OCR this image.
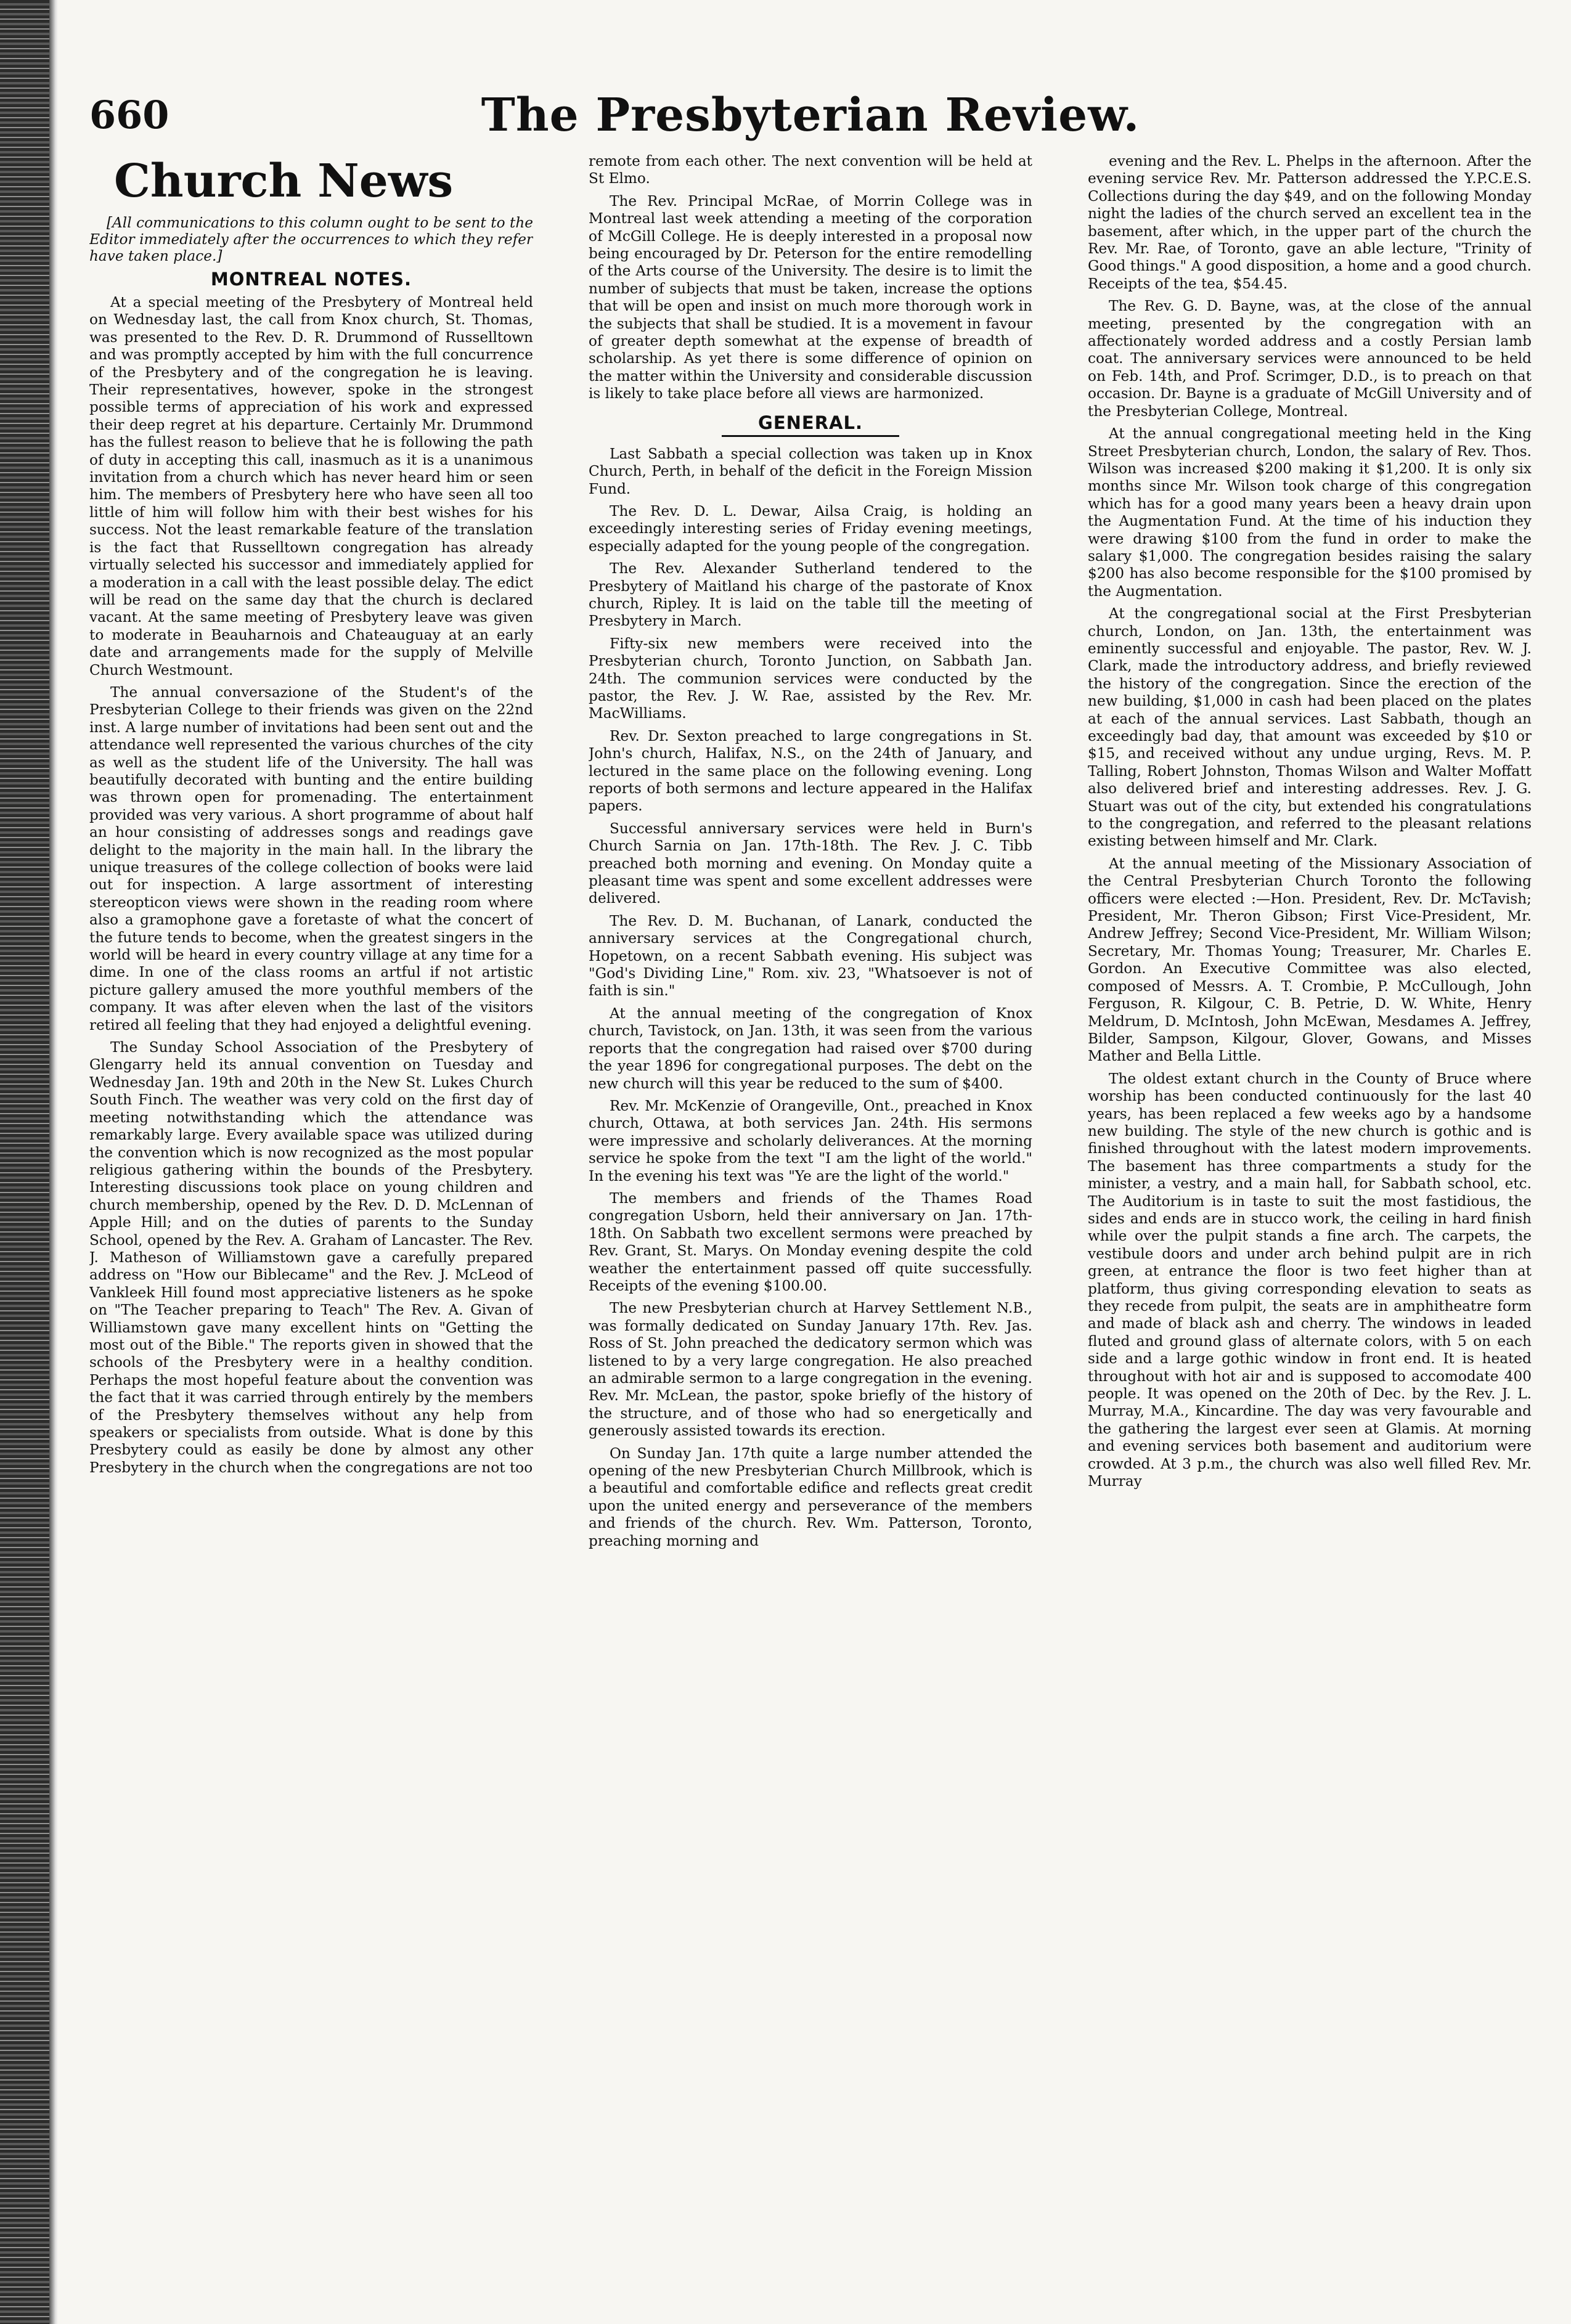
660	The Presbyterian Review.
Church News
[All communications to this column ought to be sent to the Editor immediately after the occurrences to which they refer have taken place.]
MONTREAL NOTES.

At a special meeting of the Presbytery of Montreal held on Wednesday last, the call from Knox church, St. Thomas, was presented to the Rev. D. R. Drummond of Russelltown and was promptly accepted by him with the full concurrence of the Presbytery and of the congregation he is leaving. Their representatives, however, spoke in the strongest possible terms of appreciation of his work and expressed their deep regret at his departure. Certainly Mr. Drummond has the fullest reason to believe that he is following the path of duty in accepting this call, inasmuch as it is a unanimous invitation from a church which has never heard him or seen him. The members of Presbytery here who have seen all too little of him will follow him with their best wishes for his success. Not the least remarkable feature of the translation is the fact that Russelltown congregation has already virtually selected his successor and immediately applied for a moderation in a call with the least possible delay. The edict will be read on the same day that the church is declared vacant. At the same meeting of Presbytery leave was given to moderate in Beauharnois and Chateauguay at an early date and arrangements made for the supply of Melville Church Westmount.

The annual conversazione of the Student's of the Presbyterian College to their friends was given on the 22nd inst. A large number of invitations had been sent out and the attendance well represented the various churches of the city as well as the student life of the University. The hall was beautifully decorated with bunting and the entire building was thrown open for promenading. The entertainment provided was very various. A short programme of about half an hour consisting of addresses songs and readings gave delight to the majority in the main hall. In the library the unique treasures of the college collection of books were laid out for inspection. A large assortment of interesting stereopticon views were shown in the reading room where also a gramophone gave a foretaste of what the concert of the future tends to become, when the greatest singers in the world will be heard in every country village at any time for a dime. In one of the class rooms an artful if not artistic picture gallery amused the more youthful members of the company. It was after eleven when the last of the visitors retired all feeling that they had enjoyed a delightful evening.

The Sunday School Association of the Presbytery of Glengarry held its annual convention on Tuesday and Wednesday Jan. 19th and 20th in the New St. Lukes Church South Finch. The weather was very cold on the first day of meeting notwithstanding which the attendance was remarkably large. Every available space was utilized during the convention which is now recognized as the most popular religious gathering within the bounds of the Presbytery. Interesting discussions took place on young children and church membership, opened by the Rev. D. D. McLennan of Apple Hill; and on the duties of parents to the Sunday School, opened by the Rev. A. Graham of Lancaster. The Rev. J. Matheson of Williamstown gave a carefully prepared address on "How our Biblecame" and the Rev. J. McLeod of Vankleek Hill found most appreciative listeners as he spoke on "The Teacher preparing to Teach" The Rev. A. Givan of Williamstown gave many excellent hints on "Getting the most out of the Bible." The reports given in showed that the schools of the Presbytery were in a healthy condition. Perhaps the most hopeful feature about the convention was the fact that it was carried through entirely by the members of the Presbytery themselves without any help from speakers or specialists from outside. What is done by this Presbytery could as easily be done by almost any other Presbytery in the church when the congregations are not too

remote from each other. The next convention will be held at St Elmo.

The Rev. Principal McRae, of Morrin College was in Montreal last week attending a meeting of the corporation of McGill College. He is deeply interested in a proposal now being encouraged by Dr. Peterson for the entire remodelling of the Arts course of the University. The desire is to limit the number of subjects that must be taken, increase the options that will be open and insist on much more thorough work in the subjects that shall be studied. It is a movement in favour of greater depth somewhat at the expense of breadth of scholarship. As yet there is some difference of opinion on the matter within the University and considerable discussion is likely to take place before all views are harmonized.

GENERAL.

Last Sabbath a special collection was taken up in Knox Church, Perth, in behalf of the deficit in the Foreign Mission Fund.

The Rev. D. L. Dewar, Ailsa Craig, is holding an exceedingly interesting series of Friday evening meetings, especially adapted for the young people of the congregation.

The Rev. Alexander Sutherland tendered to the Presbytery of Maitland his charge of the pastorate of Knox church, Ripley. It is laid on the table till the meeting of Presbytery in March.

Fifty-six new members were received into the Presbyterian church, Toronto Junction, on Sabbath Jan. 24th. The communion services were conducted by the pastor, the Rev. J. W. Rae, assisted by the Rev. Mr. MacWilliams.

Rev. Dr. Sexton preached to large congregations in St. John's church, Halifax, N.S., on the 24th of January, and lectured in the same place on the following evening. Long reports of both sermons and lecture appeared in the Halifax papers.

Successful anniversary services were held in Burn's Church Sarnia on Jan. 17th-18th. The Rev. J. C. Tibb preached both morning and evening. On Monday quite a pleasant time was spent and some excellent addresses were delivered.

The Rev. D. M. Buchanan, of Lanark, conducted the anniversary services at the Congregational church, Hopetown, on a recent Sabbath evening. His subject was "God's Dividing Line," Rom. xiv. 23, "Whatsoever is not of faith is sin."

At the annual meeting of the congregation of Knox church, Tavistock, on Jan. 13th, it was seen from the various reports that the congregation had raised over $700 during the year 1896 for congregational purposes. The debt on the new church will this year be reduced to the sum of $400.

Rev. Mr. McKenzie of Orangeville, Ont., preached in Knox church, Ottawa, at both services Jan. 24th. His sermons were impressive and scholarly deliverances. At the morning service he spoke from the text "I am the light of the world." In the evening his text was "Ye are the light of the world."

The members and friends of the Thames Road congregation Usborn, held their anniversary on Jan. 17th-18th. On Sabbath two excellent sermons were preached by Rev. Grant, St. Marys. On Monday evening despite the cold weather the entertainment passed off quite successfully. Receipts of the evening $100.00.

The new Presbyterian church at Harvey Settlement N.B., was formally dedicated on Sunday January 17th. Rev. Jas. Ross of St. John preached the dedicatory sermon which was listened to by a very large congregation. He also preached an admirable sermon to a large congregation in the evening. Rev. Mr. McLean, the pastor, spoke briefly of the history of the structure, and of those who had so energetically and generously assisted towards its erection.

On Sunday Jan. 17th quite a large number attended the opening of the new Presbyterian Church Millbrook, which is a beautiful and comfortable edifice and reflects great credit upon the united energy and perseverance of the members and friends of the church. Rev. Wm. Patterson, Toronto, preaching morning and

evening and the Rev. L. Phelps in the afternoon. After the evening service Rev. Mr. Patterson addressed the Y.P.C.E.S. Collections during the day $49, and on the following Monday night the ladies of the church served an excellent tea in the basement, after which, in the upper part of the church the Rev. Mr. Rae, of Toronto, gave an able lecture, "Trinity of Good things." A good disposition, a home and a good church. Receipts of the tea, $54.45.

The Rev. G. D. Bayne, was, at the close of the annual meeting, presented by the congregation with an affectionately worded address and a costly Persian lamb coat. The anniversary services were announced to be held on Feb. 14th, and Prof. Scrimger, D.D., is to preach on that occasion. Dr. Bayne is a graduate of McGill University and of the Presbyterian College, Montreal.

At the annual congregational meeting held in the King Street Presbyterian church, London, the salary of Rev. Thos. Wilson was increased $200 making it $1,200. It is only six months since Mr. Wilson took charge of this congregation which has for a good many years been a heavy drain upon the Augmentation Fund. At the time of his induction they were drawing $100 from the fund in order to make the salary $1,000. The congregation besides raising the salary $200 has also become responsible for the $100 promised by the Augmentation.

At the congregational social at the First Presbyterian church, London, on Jan. 13th, the entertainment was eminently successful and enjoyable. The pastor, Rev. W. J. Clark, made the introductory address, and briefly reviewed the history of the congregation. Since the erection of the new building, $1,000 in cash had been placed on the plates at each of the annual services. Last Sabbath, though an exceedingly bad day, that amount was exceeded by $10 or $15, and received without any undue urging, Revs. M. P. Talling, Robert Johnston, Thomas Wilson and Walter Moffatt also delivered brief and interesting addresses. Rev. J. G. Stuart was out of the city, but extended his congratulations to the congregation, and referred to the pleasant relations existing between himself and Mr. Clark.

At the annual meeting of the Missionary Association of the Central Presbyterian Church Toronto the following officers were elected :—Hon. President, Rev. Dr. McTavish; President, Mr. Theron Gibson; First Vice-President, Mr. Andrew Jeffrey; Second Vice-President, Mr. William Wilson; Secretary, Mr. Thomas Young; Treasurer, Mr. Charles E. Gordon. An Executive Committee was also elected, composed of Messrs. A. T. Crombie, P. McCullough, John Ferguson, R. Kilgour, C. B. Petrie, D. W. White, Henry Meldrum, D. McIntosh, John McEwan, Mesdames A. Jeffrey, Bilder, Sampson, Kilgour, Glover, Gowans, and Misses Mather and Bella Little.

The oldest extant church in the County of Bruce where worship has been conducted continuously for the last 40 years, has been replaced a few weeks ago by a handsome new building. The style of the new church is gothic and is finished throughout with the latest modern improvements. The basement has three compartments a study for the minister, a vestry, and a main hall, for Sabbath school, etc. The Auditorium is in taste to suit the most fastidious, the sides and ends are in stucco work, the ceiling in hard finish while over the pulpit stands a fine arch. The carpets, the vestibule doors and under arch behind pulpit are in rich green, at entrance the floor is two feet higher than at platform, thus giving corresponding elevation to seats as they recede from pulpit, the seats are in amphitheatre form and made of black ash and cherry. The windows in leaded fluted and ground glass of alternate colors, with 5 on each side and a large gothic window in front end. It is heated throughout with hot air and is supposed to accomodate 400 people. It was opened on the 20th of Dec. by the Rev. J. L. Murray, M.A., Kincardine. The day was very favourable and the gathering the largest ever seen at Glamis. At morning and evening services both basement and auditorium were crowded. At 3 p.m., the church was also well filled Rev. Mr. Murray
